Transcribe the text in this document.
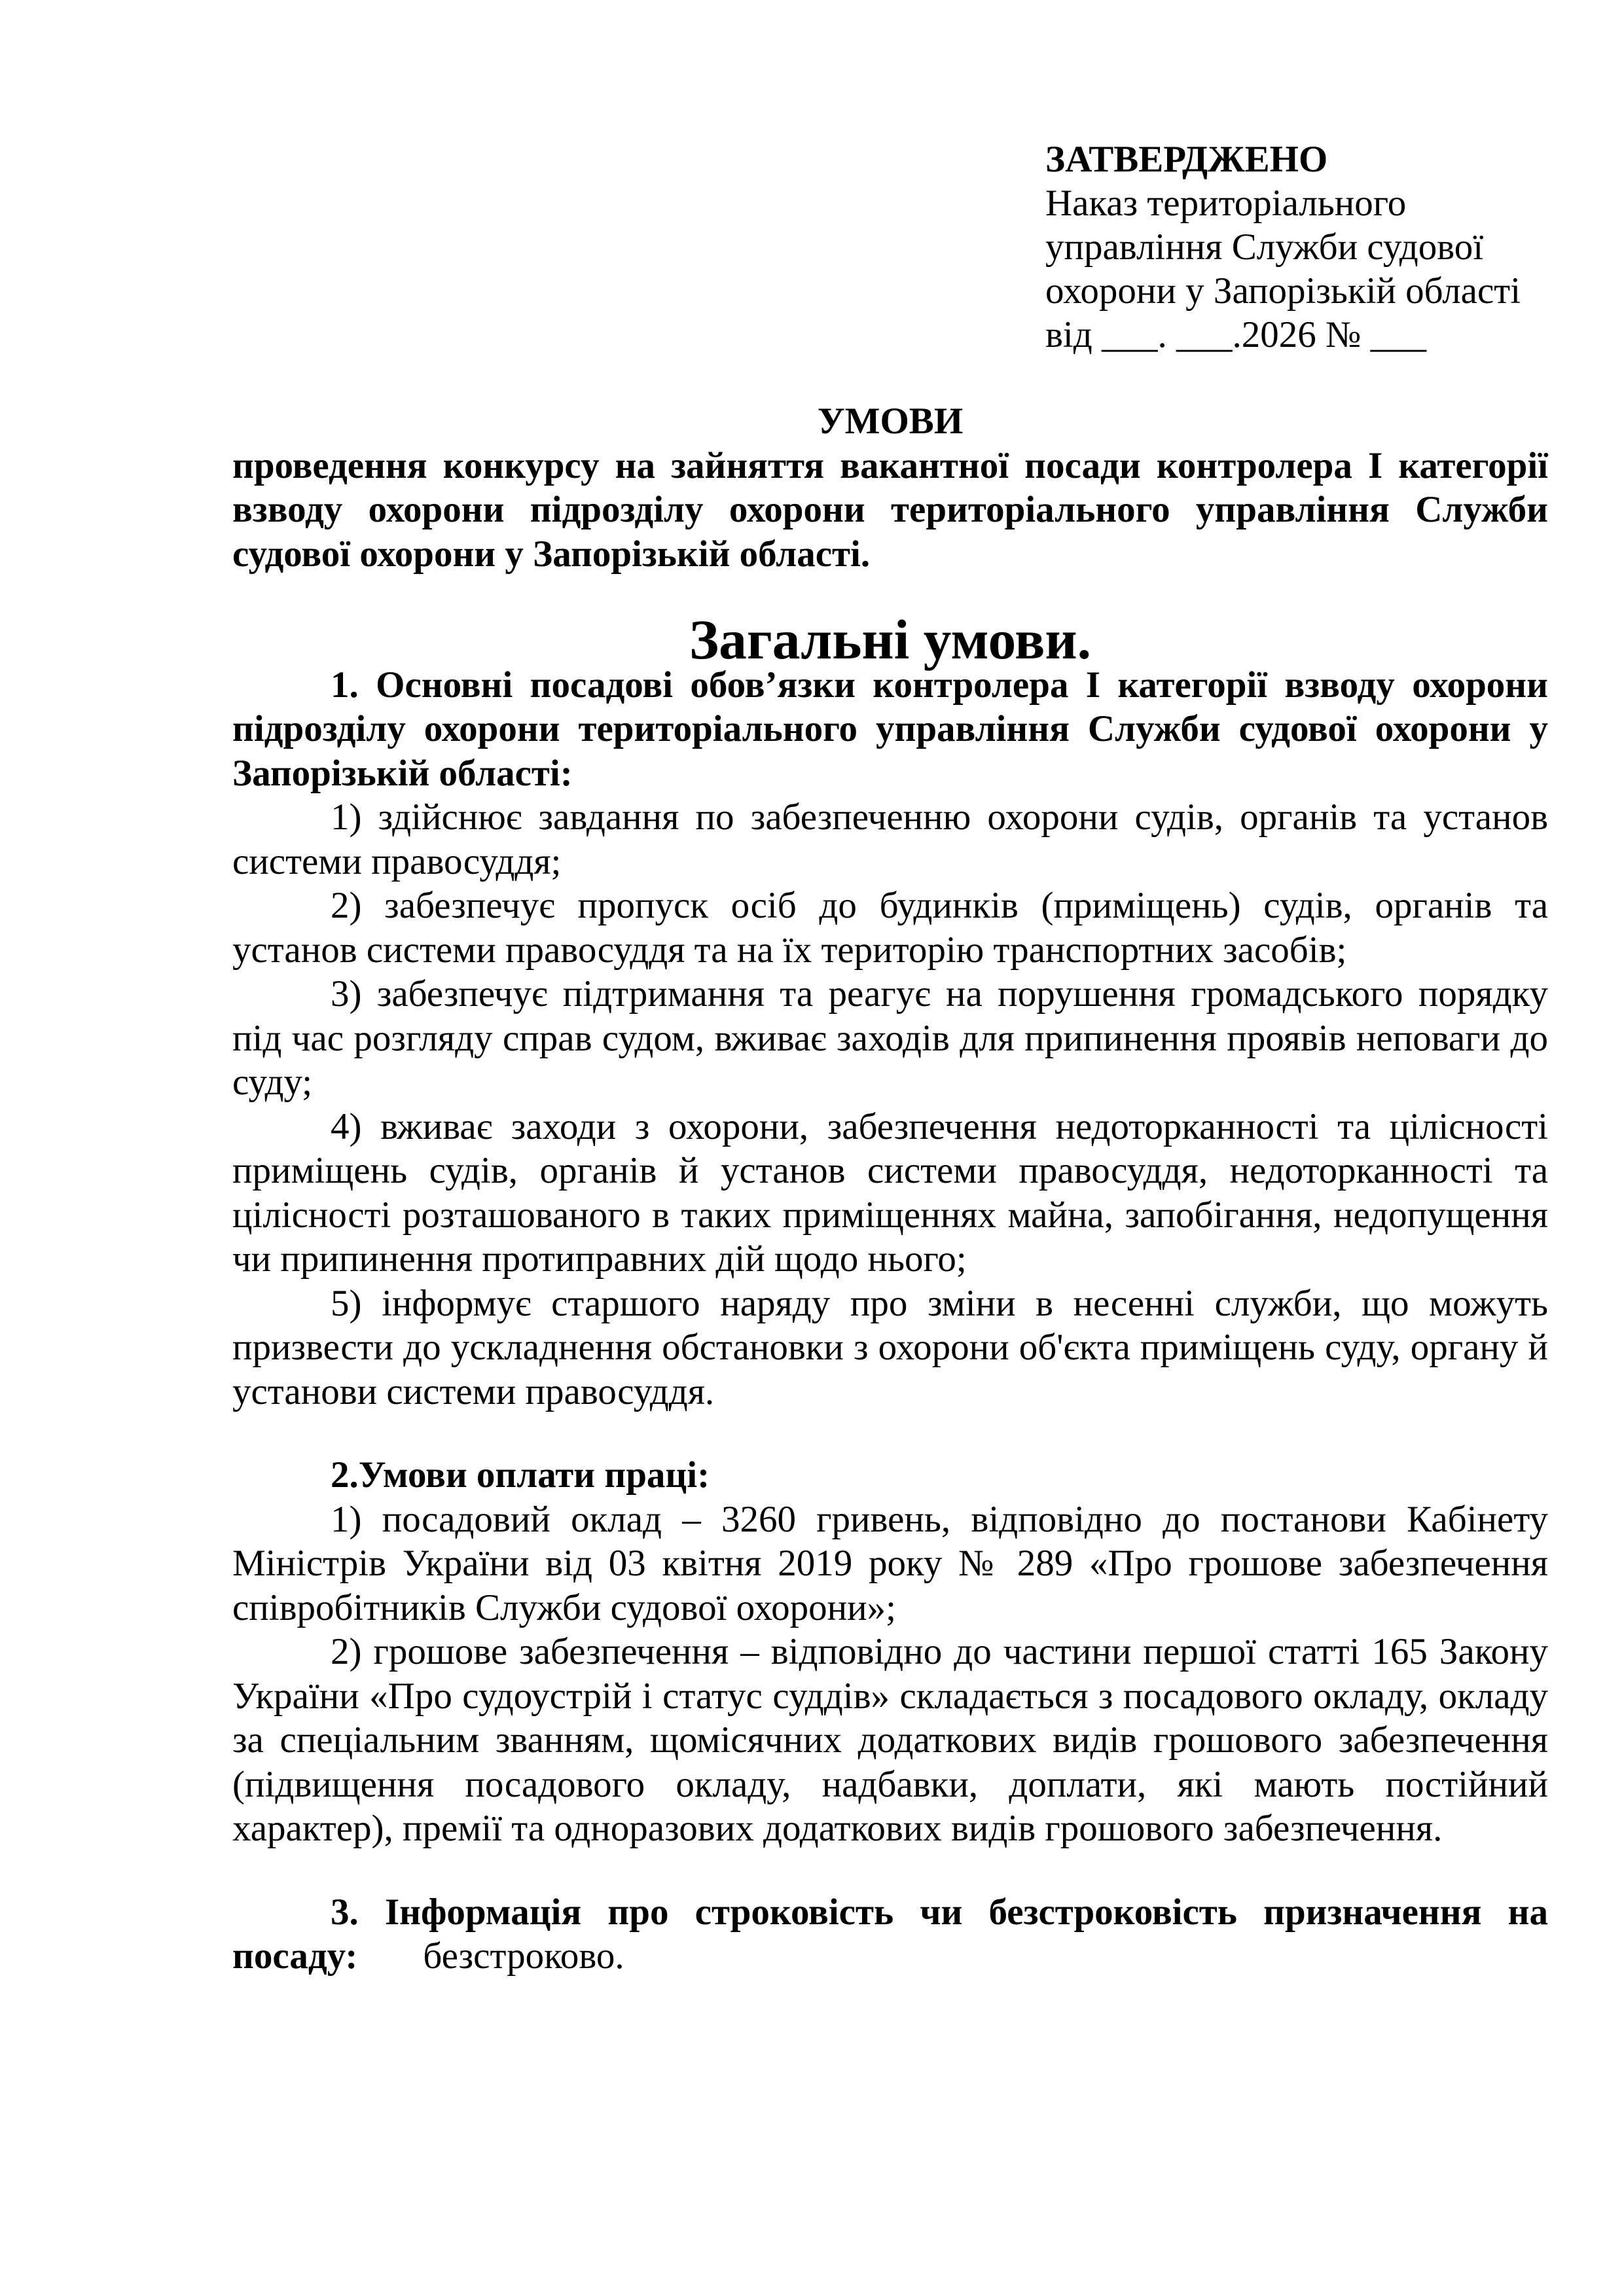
ЗАТВЕРДЖЕНО
Наказ територіального
управління Служби судової
охорони у Запорізькій області
від ___. ___.2026 № ___
УМОВИ

проведення конкурсу на зайняття вакантної посади контролера І категорії взводу охорони підрозділу охорони територіального управління Служби судової охорони у Запорізькій області.

Загальні умови.

1. Основні посадові обов’язки контролера І категорії взводу охорони підрозділу охорони територіального управління Служби судової охорони у Запорізькій області:

1) здійснює завдання по забезпеченню охорони судів, органів та установ системи правосуддя;

2) забезпечує пропуск осіб до будинків (приміщень) судів, органів та установ системи правосуддя та на їх територію транспортних засобів;

3) забезпечує підтримання та реагує на порушення громадського порядку під час розгляду справ судом, вживає заходів для припинення проявів неповаги до суду;

4) вживає заходи з охорони, забезпечення недоторканності та цілісності приміщень судів, органів й установ системи правосуддя, недоторканності та цілісності розташованого в таких приміщеннях майна, запобігання, недопущення чи припинення протиправних дій щодо нього;

5) інформує старшого наряду про зміни в несенні служби, що можуть призвести до ускладнення обстановки з охорони об'єкта приміщень суду, органу й установи системи правосуддя.

2.Умови оплати праці:

1) посадовий оклад – 3260 гривень, відповідно до постанови Кабінету Міністрів України від 03 квітня 2019 року № 289 «Про грошове забезпечення співробітників Служби судової охорони»;

2) грошове забезпечення – відповідно до частини першої статті 165 Закону України «Про судоустрій і статус суддів» складається з посадового окладу, окладу за спеціальним званням, щомісячних додаткових видів грошового забезпечення (підвищення посадового окладу, надбавки, доплати, які мають постійний характер), премії та одноразових додаткових видів грошового забезпечення.

3. Інформація про строковість чи безстроковість призначення на посаду: безстроково.
